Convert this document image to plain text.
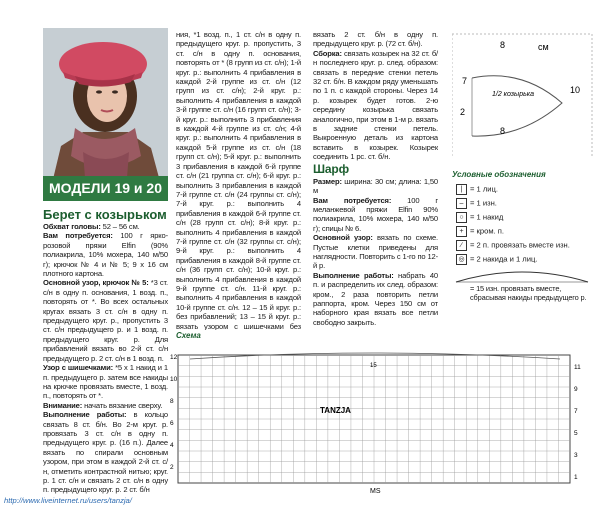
МОДЕЛИ 19 и 20
Берет с козырьком

Обхват головы: 52 – 56 см.

Вам потребуется: 100 г ярко-розовой пряжи Elfin (90% полиакрила, 10% мохера, 140 м/50 г); крючок № 4 и № 5; 9 х 16 см плотного картона.

Основной узор, крючок № 5: *3 ст. с/н в одну п. основания, 1 возд. п., повторять от *. Во всех остальных кругах вязать 3 ст. с/н в одну п. предыдущего круг. р., пропустить 3 ст. с/н предыдущего р. и 1 возд. п. предыдущего круг. р. Для прибавлений вязать во 2-й ст. с/н предыдущего р. 2 ст. с/н в 1 возд. п.

Узор с шишечками: *5 х 1 накид и 1 п. предыдущего р. затем все накиды на крючке провязать вместе, 1 возд. п., повторять от *.

Внимание: начать вязание сверху.

Выполнение работы: в кольцо связать 8 ст. б/н. Во 2-м круг. р. провязать 3 ст. с/н в одну п. предыдущего круг. р. (16 п.). Далее вязать по спирали основным узором, при этом в каждой 2-й ст. с/н, отметить контрастной нитью; круг. р. 1 ст. с/н и связать 2 ст. с/н в одну п. предыдущего круг. р. 2 ст. б/н

ния, *1 возд. п., 1 ст. с/н в одну п. предыдущего круг. р. пропустить, 3 ст. с/н в одну п. основания, повторять от * (8 групп из ст. с/н); 1-й круг. р.: выполнить 4 прибавления в каждой 2-й группе из ст. с/н (12 групп из ст. с/н); 2-й круг. р.: выполнить 4 прибавления в каждой 3-й группе ст. с/н (16 групп ст. с/н); 3-й круг. р.: выполнить 3 прибавления в каждой 4-й группе из ст. с/н; 4-й круг. р.: выполнить 4 прибавления в каждой 5-й группе из ст. с/н (18 групп ст. с/н); 5-й круг. р.: выполнить 3 прибавления в каждой 6-й группе ст. с/н (21 группа ст. с/н); 6-й круг. р.: выполнить 3 прибавления в каждой 7-й группе ст. с/н (24 группы ст. с/н); 7-й круг. р.: выполнить 4 прибавления в каждой 6-й группе ст. с/н (28 групп ст. с/н); 8-й круг. р.: выполнить 4 прибавления в каждой 7-й группе ст. с/н (32 группы ст. с/н); 9-й круг. р.: выполнить 4 прибавления в каждой 8-й группе ст. с/н (36 групп ст. с/н); 10-й круг. р.: выполнить 4 прибавления в каждой 9-й группе ст. с/н. 11-й круг. р.: выполнить 4 прибавления в каждой 10-й группе ст. с/н. 12 – 15 й круг. р.: без прибавлений; 13 – 15 й круг. р.: вязать узором с шишечками без

вязать 2 ст. б/н в одну п. предыдущего круг. р. (72 ст. б/н).

Сборка: связать козырек на 32 ст. б/н последнего круг. р. след. образом: связать в передние стенки петель 32 ст. б/н. В каждом ряду уменьшать по 1 п. с каждой стороны. Через 14 р. козырек будет готов. 2-ю середину козырька связать аналогично, при этом в 1-м р. вязать в задние стенки петель. Выкроенную деталь из картона вставить в козырек. Козырек соединить 1 рс. ст. б/н.

Шарф

Размер: ширина: 30 см; длина: 1,50 м

Вам потребуется: 100 г меланжевой пряжи Elfin 90% полиакрила, 10% мохера, 140 м/50 г); спицы № 6.

Основной узор: вязать по схеме. Пустые клетки приведены для наглядности. Повторить с 1-го по 12-й р.

Выполнение работы: набрать 40 п. и распределить их след. образом: кром., 2 раза повторить петли раппорта, кром. Через 150 см от наборного края вязать все петли свободно закрыть.

8	см
7
10
2
8
1/2 козырька
Условные обозначения
| = 1 лиц.
– = 1 изн.
○ = 1 накид
+ = кром. п.
∕ = 2 п. провязать вместе изн.
◎ = 2 накида и 1 лиц.
= 15 изн. провязать вместе, сбрасывая накиды предыдущего р.
Схема
15
TANZJA
MS
11
9
7
5
3
1
12
10
8
6
4
2
http://www.liveinternet.ru/users/tanzja/
